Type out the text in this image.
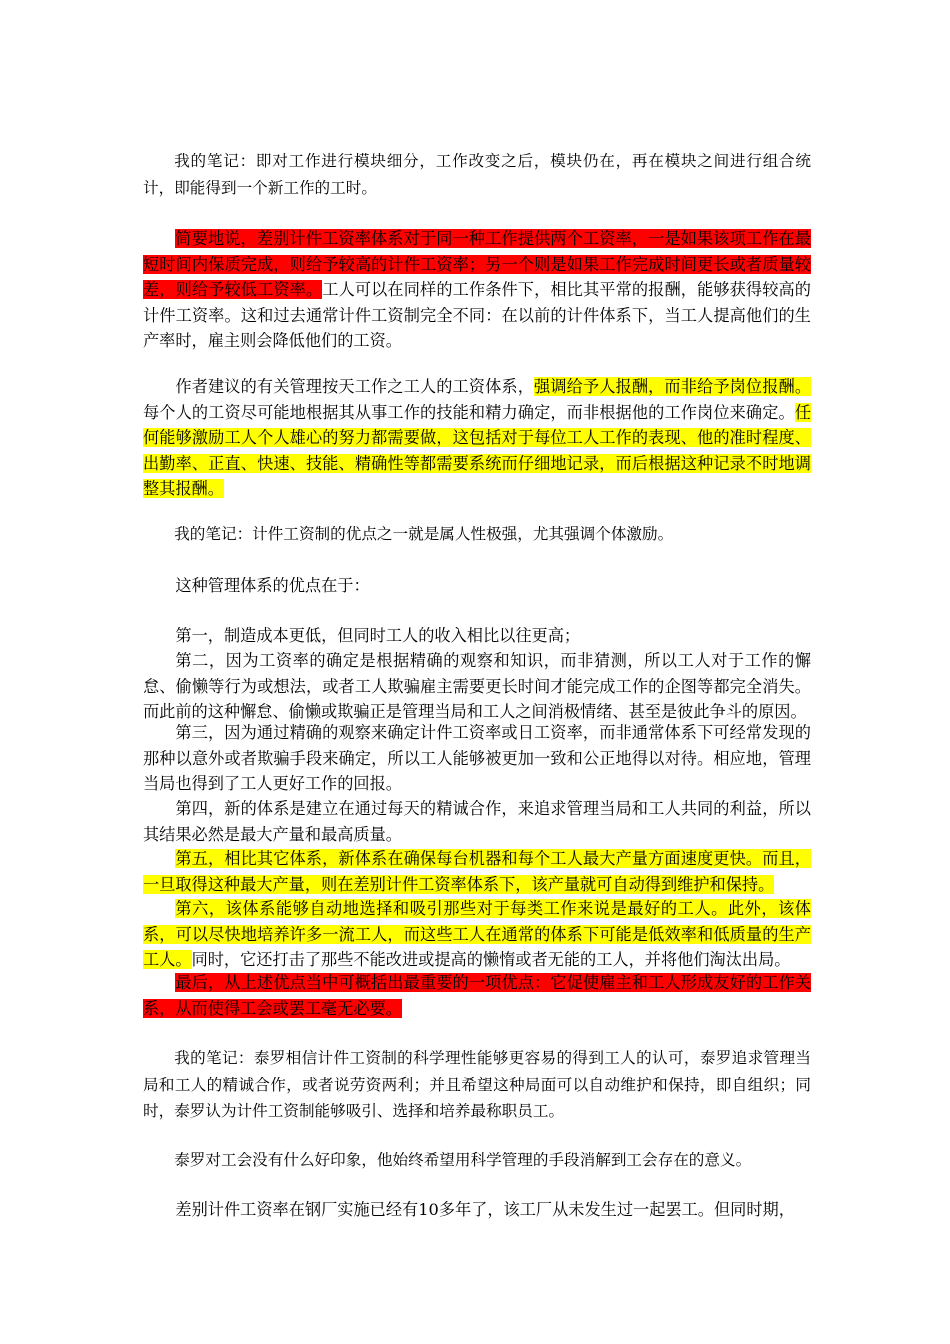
我的笔记：即对工作进行模块细分，工作改变之后，模块仍在，再在模块之间进行组合统计，即能得到一个新工作的工时。

简要地说，差别计件工资率体系对于同一种工作提供两个工资率，一是如果该项工作在最短时间内保质完成，则给予较高的计件工资率；另一个则是如果工作完成时间更长或者质量较差，则给予较低工资率。工人可以在同样的工作条件下，相比其平常的报酬，能够获得较高的计件工资率。这和过去通常计件工资制完全不同：在以前的计件体系下，当工人提高他们的生产率时，雇主则会降低他们的工资。

作者建议的有关管理按天工作之工人的工资体系，强调给予人报酬，而非给予岗位报酬。每个人的工资尽可能地根据其从事工作的技能和精力确定，而非根据他的工作岗位来确定。任何能够激励工人个人雄心的努力都需要做，这包括对于每位工人工作的表现、他的准时程度、出勤率、正直、快速、技能、精确性等都需要系统而仔细地记录，而后根据这种记录不时地调整其报酬。

我的笔记：计件工资制的优点之一就是属人性极强，尤其强调个体激励。

这种管理体系的优点在于：

第一，制造成本更低，但同时工人的收入相比以往更高；

第二，因为工资率的确定是根据精确的观察和知识，而非猜测，所以工人对于工作的懈怠、偷懒等行为或想法，或者工人欺骗雇主需要更长时间才能完成工作的企图等都完全消失。而此前的这种懈怠、偷懒或欺骗正是管理当局和工人之间消极情绪、甚至是彼此争斗的原因。

第三，因为通过精确的观察来确定计件工资率或日工资率，而非通常体系下可经常发现的那种以意外或者欺骗手段来确定，所以工人能够被更加一致和公正地得以对待。相应地，管理当局也得到了工人更好工作的回报。

第四，新的体系是建立在通过每天的精诚合作，来追求管理当局和工人共同的利益，所以其结果必然是最大产量和最高质量。

第五，相比其它体系，新体系在确保每台机器和每个工人最大产量方面速度更快。而且，一旦取得这种最大产量，则在差别计件工资率体系下，该产量就可自动得到维护和保持。

第六，该体系能够自动地选择和吸引那些对于每类工作来说是最好的工人。此外，该体系，可以尽快地培养许多一流工人，而这些工人在通常的体系下可能是低效率和低质量的生产工人。同时，它还打击了那些不能改进或提高的懒惰或者无能的工人，并将他们淘汰出局。

最后，从上述优点当中可概括出最重要的一项优点：它促使雇主和工人形成友好的工作关系，从而使得工会或罢工毫无必要。

我的笔记：泰罗相信计件工资制的科学理性能够更容易的得到工人的认可，泰罗追求管理当局和工人的精诚合作，或者说劳资两利；并且希望这种局面可以自动维护和保持，即自组织；同时，泰罗认为计件工资制能够吸引、选择和培养最称职员工。

泰罗对工会没有什么好印象，他始终希望用科学管理的手段消解到工会存在的意义。

差别计件工资率在钢厂实施已经有10多年了，该工厂从未发生过一起罢工。但同时期，
